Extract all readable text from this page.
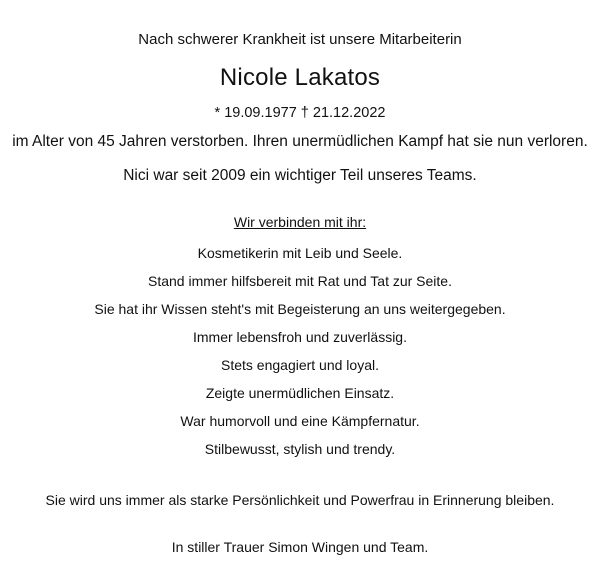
Nach schwerer Krankheit ist unsere Mitarbeiterin
Nicole Lakatos
* 19.09.1977 † 21.12.2022
im Alter von 45 Jahren verstorben. Ihren unermüdlichen Kampf hat sie nun verloren.
Nici war seit 2009 ein wichtiger Teil unseres Teams.
Wir verbinden mit ihr:
Kosmetikerin mit Leib und Seele.
Stand immer hilfsbereit mit Rat und Tat zur Seite.
Sie hat ihr Wissen steht's mit Begeisterung an uns weitergegeben.
Immer lebensfroh und zuverlässig.
Stets engagiert und loyal.
Zeigte unermüdlichen Einsatz.
War humorvoll und eine Kämpfernatur.
Stilbewusst, stylish und trendy.
Sie wird uns immer als starke Persönlichkeit und Powerfrau in Erinnerung bleiben.
In stiller Trauer Simon Wingen und Team.
